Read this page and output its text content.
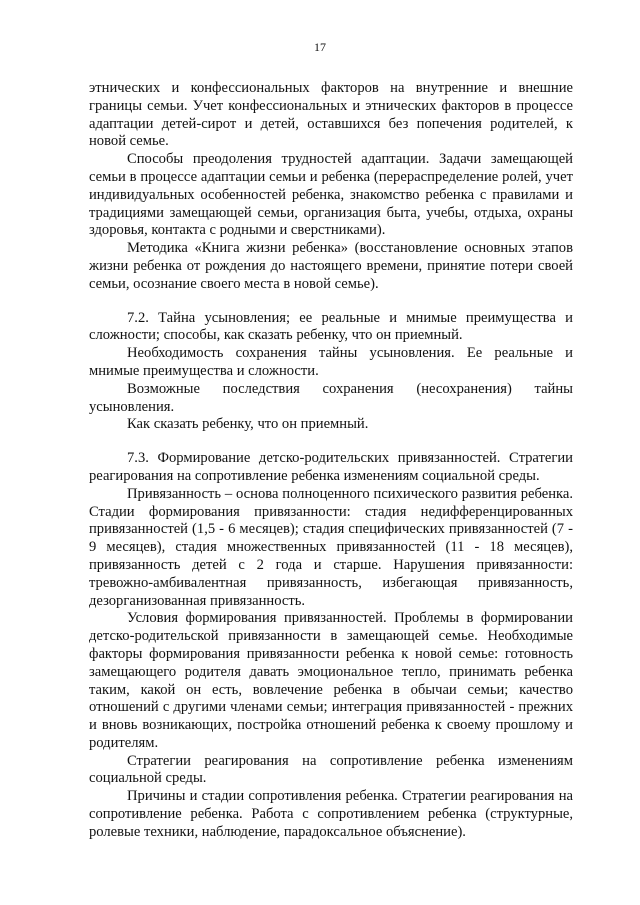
17

этнических и конфессиональных факторов на внутренние и внешние границы семьи. Учет конфессиональных и этнических факторов в процессе адаптации детей-сирот и детей, оставшихся без попечения родителей, к новой семье.

Способы преодоления трудностей адаптации. Задачи замещающей семьи в процессе адаптации семьи и ребенка (перераспределение ролей, учет индивидуальных особенностей ребенка, знакомство ребенка с правилами и традициями замещающей семьи, организация быта, учебы, отдыха, охраны здоровья, контакта с родными и сверстниками).

Методика «Книга жизни ребенка» (восстановление основных этапов жизни ребенка от рождения до настоящего времени, принятие потери своей семьи, осознание своего места в новой семье).

7.2. Тайна усыновления; ее реальные и мнимые преимущества и сложности; способы, как сказать ребенку, что он приемный.

Необходимость сохранения тайны усыновления. Ее реальные и мнимые преимущества и сложности.

Возможные последствия сохранения (несохранения) тайны усыновления.

Как сказать ребенку, что он приемный.

7.3. Формирование детско-родительских привязанностей. Стратегии реагирования на сопротивление ребенка изменениям социальной среды.

Привязанность – основа полноценного психического развития ребенка. Стадии формирования привязанности: стадия недифференцированных привязанностей (1,5 - 6 месяцев); стадия специфических привязанностей (7 - 9 месяцев), стадия множественных привязанностей (11 - 18 месяцев), привязанность детей с 2 года и старше. Нарушения привязанности: тревожно-амбивалентная привязанность, избегающая привязанность, дезорганизованная привязанность.

Условия формирования привязанностей. Проблемы в формировании детско-родительской привязанности в замещающей семье. Необходимые факторы формирования привязанности ребенка к новой семье: готовность замещающего родителя давать эмоциональное тепло, принимать ребенка таким, какой он есть, вовлечение ребенка в обычаи семьи; качество отношений с другими членами семьи; интеграция привязанностей - прежних и вновь возникающих, постройка отношений ребенка к своему прошлому и родителям.

Стратегии реагирования на сопротивление ребенка изменениям социальной среды.

Причины и стадии сопротивления ребенка. Стратегии реагирования на сопротивление ребенка. Работа с сопротивлением ребенка (структурные, ролевые техники, наблюдение, парадоксальное объяснение).
